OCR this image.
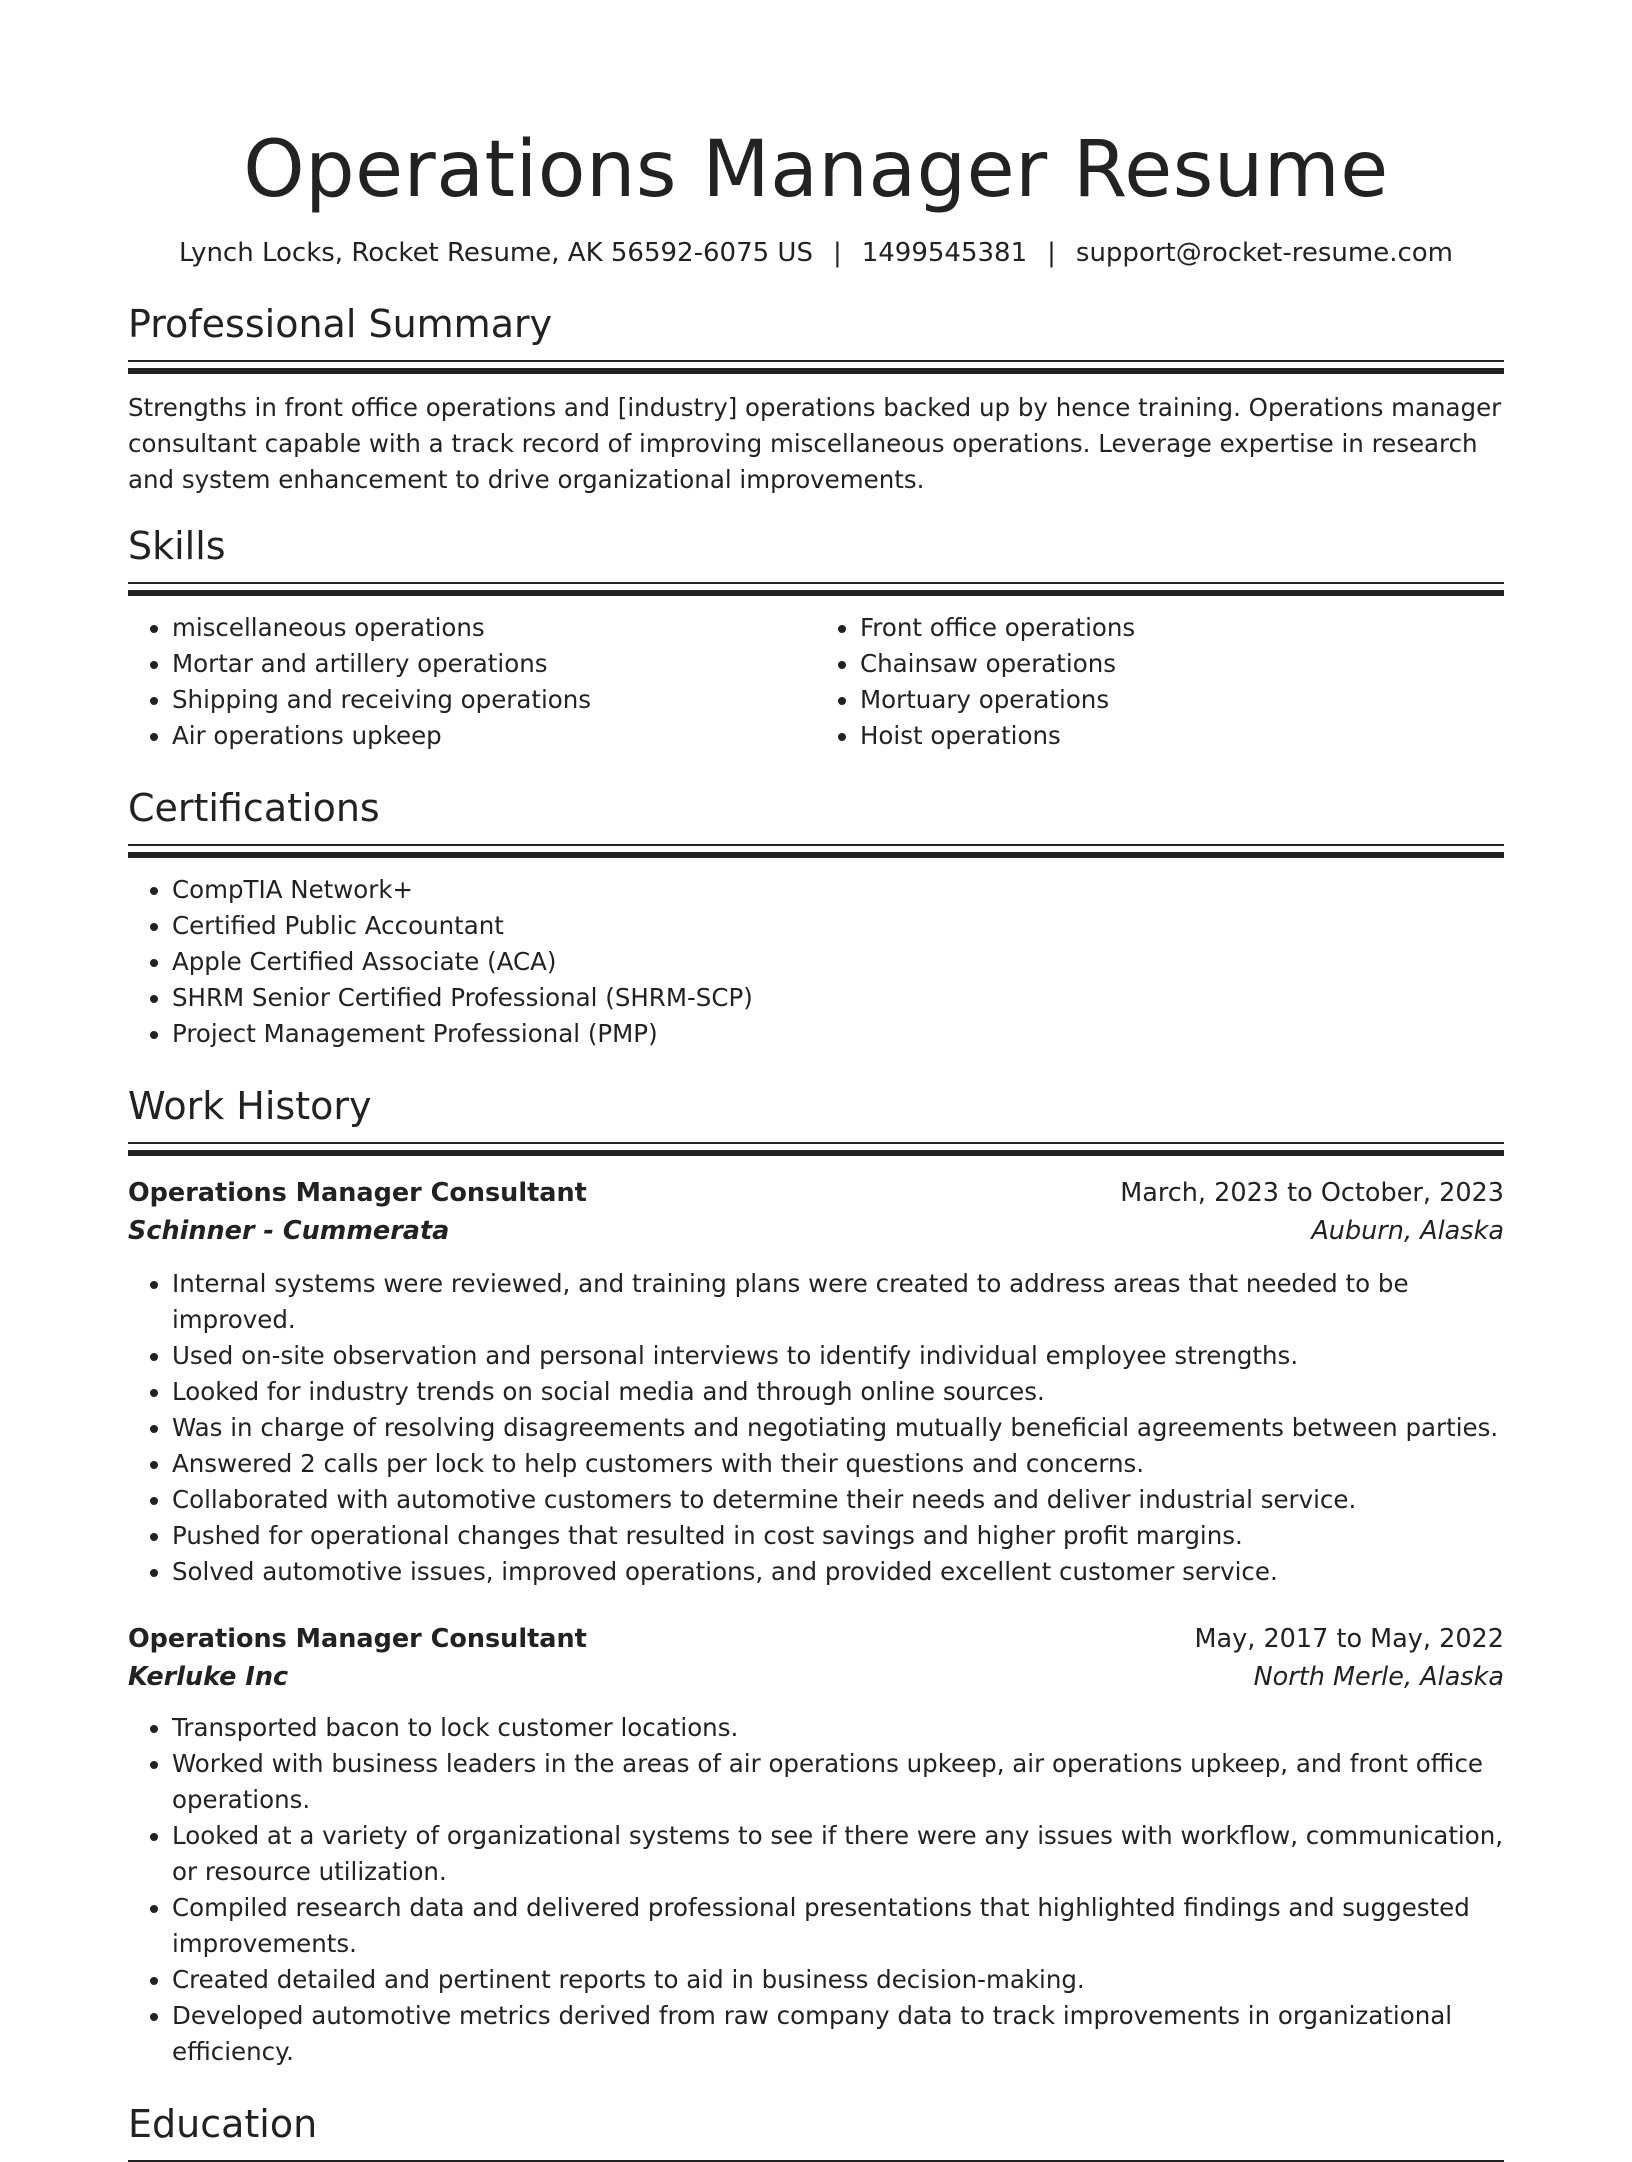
Operations Manager Resume
Lynch Locks, Rocket Resume, AK 56592-6075 US | 1499545381 | support@rocket-resume.com
Professional Summary
Strengths in front office operations and [industry] operations backed up by hence training. Operations manager consultant capable with a track record of improving miscellaneous operations. Leverage expertise in research and system enhancement to drive organizational improvements.
Skills
• miscellaneous operations
• Mortar and artillery operations
• Shipping and receiving operations
• Air operations upkeep
• Front office operations
• Chainsaw operations
• Mortuary operations
• Hoist operations
Certifications
• CompTIA Network+
• Certified Public Accountant
• Apple Certified Associate (ACA)
• SHRM Senior Certified Professional (SHRM-SCP)
• Project Management Professional (PMP)
Work History
Operations Manager Consultant	March, 2023 to October, 2023
Schinner - Cummerata	Auburn, Alaska
• Internal systems were reviewed, and training plans were created to address areas that needed to be improved.
• Used on-site observation and personal interviews to identify individual employee strengths.
• Looked for industry trends on social media and through online sources.
• Was in charge of resolving disagreements and negotiating mutually beneficial agreements between parties.
• Answered 2 calls per lock to help customers with their questions and concerns.
• Collaborated with automotive customers to determine their needs and deliver industrial service.
• Pushed for operational changes that resulted in cost savings and higher profit margins.
• Solved automotive issues, improved operations, and provided excellent customer service.
Operations Manager Consultant	May, 2017 to May, 2022
Kerluke Inc	North Merle, Alaska
• Transported bacon to lock customer locations.
• Worked with business leaders in the areas of air operations upkeep, air operations upkeep, and front office operations.
• Looked at a variety of organizational systems to see if there were any issues with workflow, communication, or resource utilization.
• Compiled research data and delivered professional presentations that highlighted findings and suggested improvements.
• Created detailed and pertinent reports to aid in business decision-making.
• Developed automotive metrics derived from raw company data to track improvements in organizational efficiency.
Education
